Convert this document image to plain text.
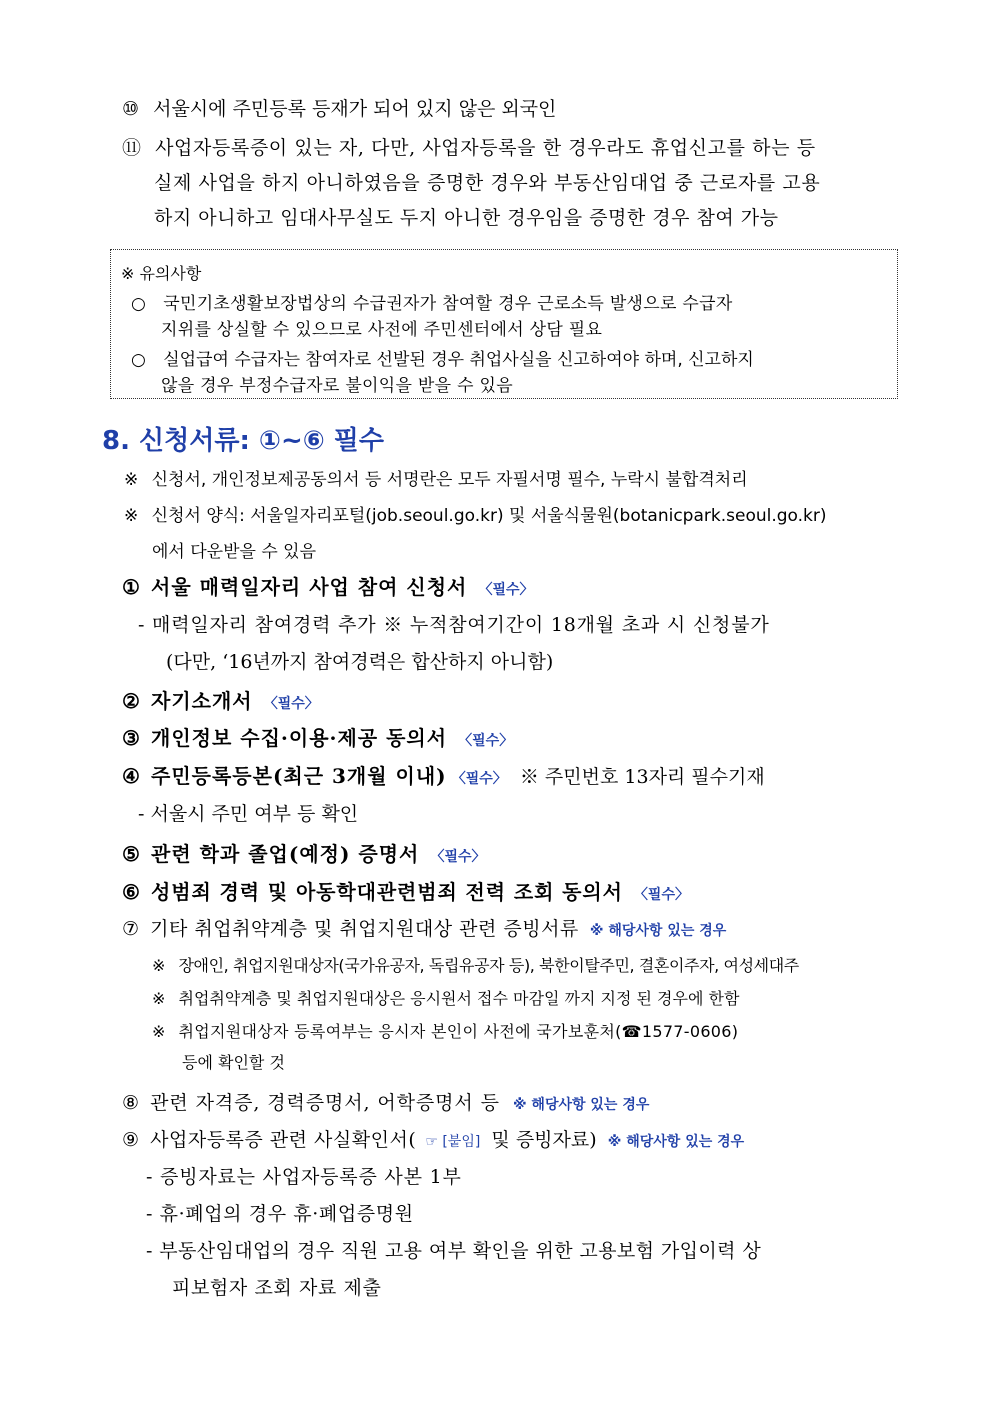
⑩ 서울시에 주민등록 등재가 되어 있지 않은 외국인
⑪ 사업자등록증이 있는 자, 다만, 사업자등록을 한 경우라도 휴업신고를 하는 등
실제 사업을 하지 아니하였음을 증명한 경우와 부동산임대업 중 근로자를 고용
하지 아니하고 임대사무실도 두지 아니한 경우임을 증명한 경우 참여 가능
※ 유의사항
○ 국민기초생활보장법상의 수급권자가 참여할 경우 근로소득 발생으로 수급자
지위를 상실할 수 있으므로 사전에 주민센터에서 상담 필요
○ 실업급여 수급자는 참여자로 선발된 경우 취업사실을 신고하여야 하며, 신고하지
않을 경우 부정수급자로 불이익을 받을 수 있음
8. 신청서류: ①~⑥ 필수
※ 신청서, 개인정보제공동의서 등 서명란은 모두 자필서명 필수, 누락시 불합격처리
※ 신청서 양식: 서울일자리포털(job.seoul.go.kr) 및 서울식물원(botanicpark.seoul.go.kr)
에서 다운받을 수 있음
① 서울 매력일자리 사업 참여 신청서 〈필수〉
- 매력일자리 참여경력 추가 ※ 누적참여기간이 18개월 초과 시 신청불가
(다만, ‘16년까지 참여경력은 합산하지 아니함)
② 자기소개서 〈필수〉
③ 개인정보 수집·이용·제공 동의서 〈필수〉
④ 주민등록등본(최근 3개월 이내) 〈필수〉 ※ 주민번호 13자리 필수기재
- 서울시 주민 여부 등 확인
⑤ 관련 학과 졸업(예정) 증명서 〈필수〉
⑥ 성범죄 경력 및 아동학대관련범죄 전력 조회 동의서 〈필수〉
⑦ 기타 취업취약계층 및 취업지원대상 관련 증빙서류 ※ 해당사항 있는 경우
※ 장애인, 취업지원대상자(국가유공자, 독립유공자 등), 북한이탈주민, 결혼이주자, 여성세대주
※ 취업취약계층 및 취업지원대상은 응시원서 접수 마감일 까지 지정 된 경우에 한함
※ 취업지원대상자 등록여부는 응시자 본인이 사전에 국가보훈처(☎1577-0606)
등에 확인할 것
⑧ 관련 자격증, 경력증명서, 어학증명서 등 ※ 해당사항 있는 경우
⑨ 사업자등록증 관련 사실확인서( ☞ [붙임] 및 증빙자료) ※ 해당사항 있는 경우
- 증빙자료는 사업자등록증 사본 1부
- 휴·폐업의 경우 휴·폐업증명원
- 부동산임대업의 경우 직원 고용 여부 확인을 위한 고용보험 가입이력 상
피보험자 조회 자료 제출
